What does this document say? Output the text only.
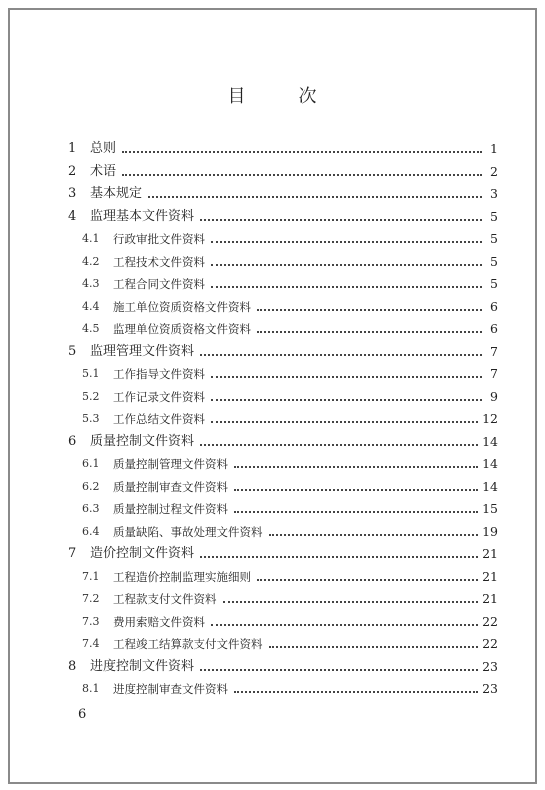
目	次
1	总则	1
2	术语	2
3	基本规定	3
4	监理基本文件资料	5
4.1	行政审批文件资料	5
4.2	工程技术文件资料	5
4.3	工程合同文件资料	5
4.4	施工单位资质资格文件资料	6
4.5	监理单位资质资格文件资料	6
5	监理管理文件资料	7
5.1	工作指导文件资料	7
5.2	工作记录文件资料	9
5.3	工作总结文件资料	12
6	质量控制文件资料	14
6.1	质量控制管理文件资料	14
6.2	质量控制审查文件资料	14
6.3	质量控制过程文件资料	15
6.4	质量缺陷、事故处理文件资料	19
7	造价控制文件资料	21
7.1	工程造价控制监理实施细则	21
7.2	工程款支付文件资料	21
7.3	费用索赔文件资料	22
7.4	工程竣工结算款支付文件资料	22
8	进度控制文件资料	23
8.1	进度控制审查文件资料	23
6
